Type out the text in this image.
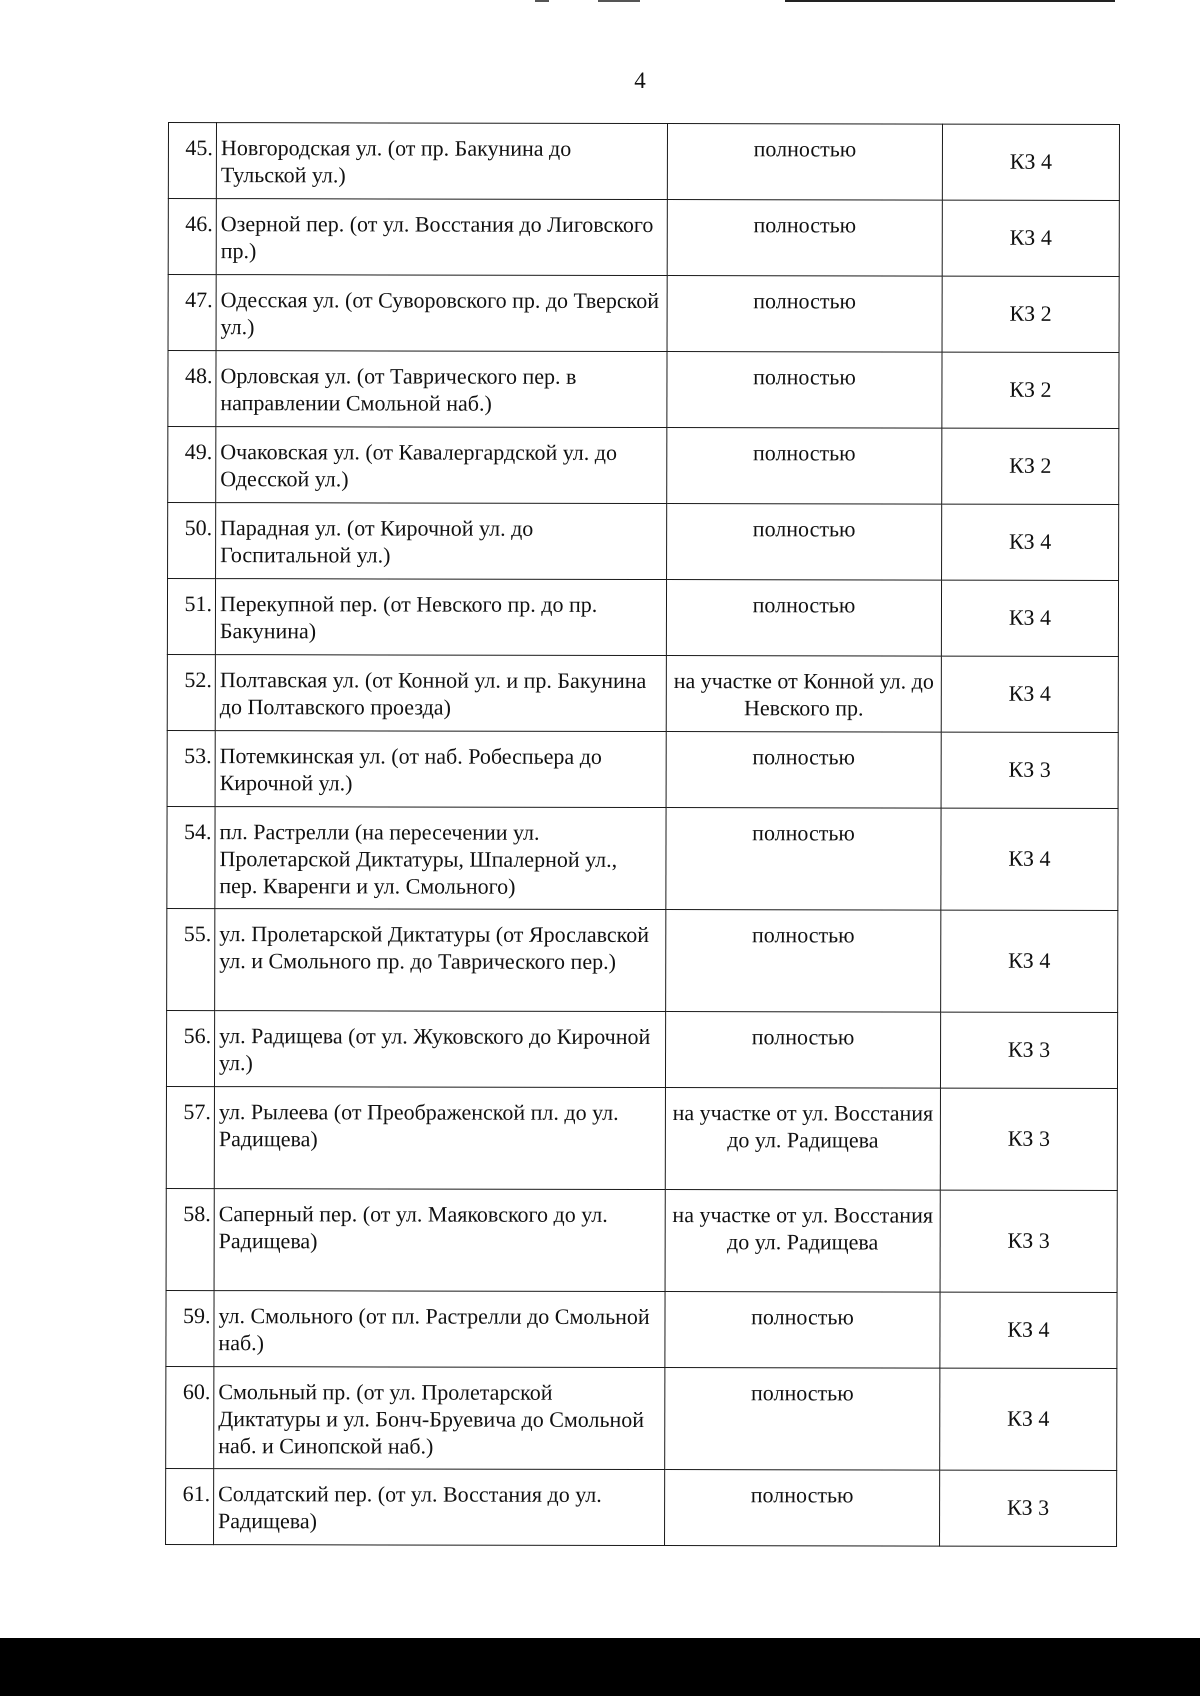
4
45.	Новгородская ул. (от пр. Бакунина до Тульской ул.)	полностью	КЗ 4
46.	Озерной пер. (от ул. Восстания до Лиговского пр.)	полностью	КЗ 4
47.	Одесская ул. (от Суворовского пр. до Тверской ул.)	полностью	КЗ 2
48.	Орловская ул. (от Таврического пер. в направлении Смольной наб.)	полностью	КЗ 2
49.	Очаковская ул. (от Кавалергардской ул. до Одесской ул.)	полностью	КЗ 2
50.	Парадная ул. (от Кирочной ул. до Госпитальной ул.)	полностью	КЗ 4
51.	Перекупной пер. (от Невского пр. до пр. Бакунина)	полностью	КЗ 4
52.	Полтавская ул. (от Конной ул. и пр. Бакунина до Полтавского проезда)	на участке от Конной ул. до Невского пр.	КЗ 4
53.	Потемкинская ул. (от наб. Робеспьера до Кирочной ул.)	полностью	КЗ 3
54.	пл. Растрелли (на пересечении ул. Пролетарской Диктатуры, Шпалерной ул., пер. Кваренги и ул. Смольного)	полностью	КЗ 4
55.	ул. Пролетарской Диктатуры (от Ярославской ул. и Смольного пр. до Таврического пер.)	полностью	КЗ 4
56.	ул. Радищева (от ул. Жуковского до Кирочной ул.)	полностью	КЗ 3
57.	ул. Рылеева (от Преображенской пл. до ул. Радищева)	на участке от ул. Восстания до ул. Радищева	КЗ 3
58.	Саперный пер. (от ул. Маяковского до ул. Радищева)	на участке от ул. Восстания до ул. Радищева	КЗ 3
59.	ул. Смольного (от пл. Растрелли до Смольной наб.)	полностью	КЗ 4
60.	Смольный пр. (от ул. Пролетарской Диктатуры и ул. Бонч-Бруевича до Смольной наб. и Синопской наб.)	полностью	КЗ 4
61.	Солдатский пер. (от ул. Восстания до ул. Радищева)	полностью	КЗ 3
